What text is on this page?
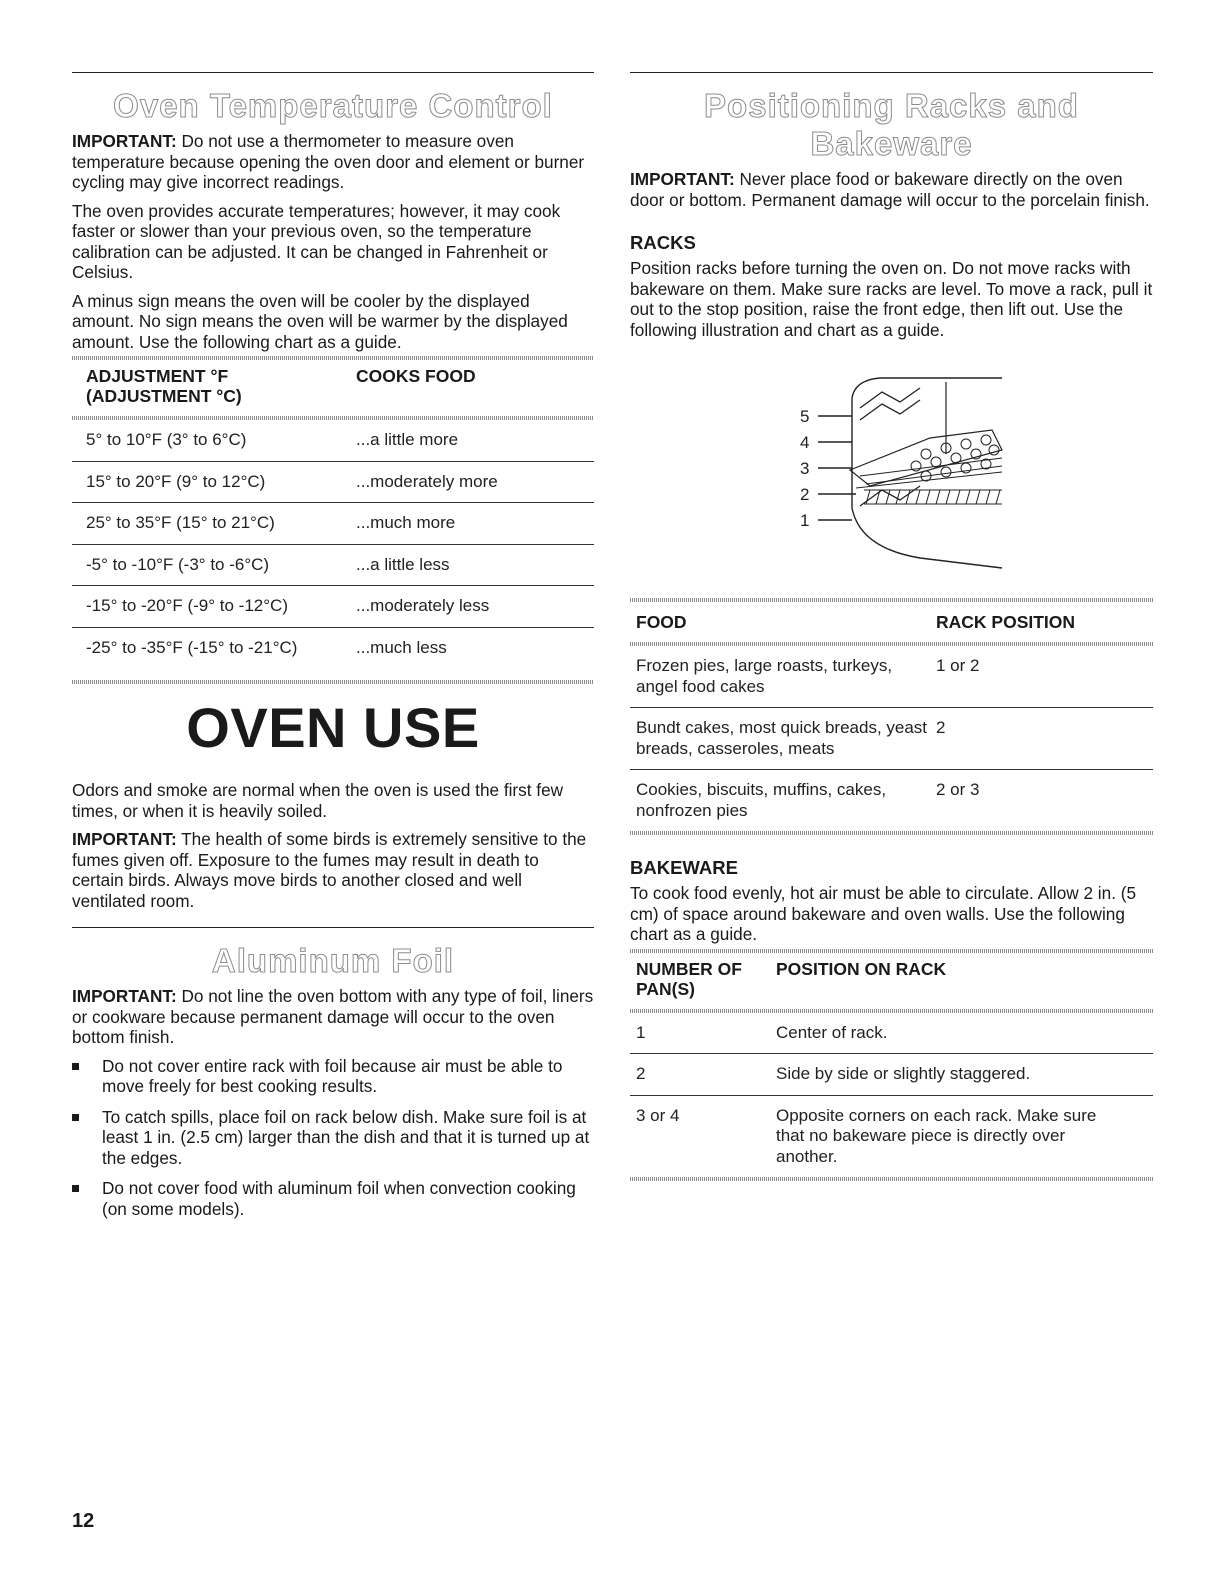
Oven Temperature Control

IMPORTANT: Do not use a thermometer to measure oven temperature because opening the oven door and element or burner cycling may give incorrect readings.

The oven provides accurate temperatures; however, it may cook faster or slower than your previous oven, so the temperature calibration can be adjusted. It can be changed in Fahrenheit or Celsius.

A minus sign means the oven will be cooler by the displayed amount. No sign means the oven will be warmer by the displayed amount. Use the following chart as a guide.

ADJUSTMENT °F
(ADJUSTMENT °C)
	COOKS FOOD
5° to 10°F (3° to 6°C)	...a little more

15° to 20°F (9° to 12°C)	...moderately more

25° to 35°F (15° to 21°C)	...much more

-5° to -10°F (-3° to -6°C)	...a little less

-15° to -20°F (-9° to -12°C)	...moderately less

-25° to -35°F (-15° to -21°C)	...much less
OVEN USE

Odors and smoke are normal when the oven is used the first few times, or when it is heavily soiled.

IMPORTANT: The health of some birds is extremely sensitive to the fumes given off. Exposure to the fumes may result in death to certain birds. Always move birds to another closed and well ventilated room.

Aluminum Foil

IMPORTANT: Do not line the oven bottom with any type of foil, liners or cookware because permanent damage will occur to the oven bottom finish.

Do not cover entire rack with foil because air must be able to move freely for best cooking results.
To catch spills, place foil on rack below dish. Make sure foil is at least 1 in. (2.5 cm) larger than the dish and that it is turned up at the edges.
Do not cover food with aluminum foil when convection cooking (on some models).
Positioning Racks and Bakeware

IMPORTANT: Never place food or bakeware directly on the oven door or bottom. Permanent damage will occur to the porcelain finish.

RACKS

Position racks before turning the oven on. Do not move racks with bakeware on them. Make sure racks are level. To move a rack, pull it out to the stop position, raise the front edge, then lift out. Use the following illustration and chart as a guide.

5
4
3
2
1
FOOD	RACK POSITION
Frozen pies, large roasts, turkeys, angel food cakes	1 or 2

Bundt cakes, most quick breads, yeast breads, casseroles, meats	2

Cookies, biscuits, muffins, cakes, nonfrozen pies	2 or 3
BAKEWARE

To cook food evenly, hot air must be able to circulate. Allow 2 in. (5 cm) of space around bakeware and oven walls. Use the following chart as a guide.

NUMBER OF
PAN(S)
	POSITION ON RACK
1	Center of rack.

2	Side by side or slightly staggered.

3 or 4	Opposite corners on each rack. Make sure that no bakeware piece is directly over another.
12
